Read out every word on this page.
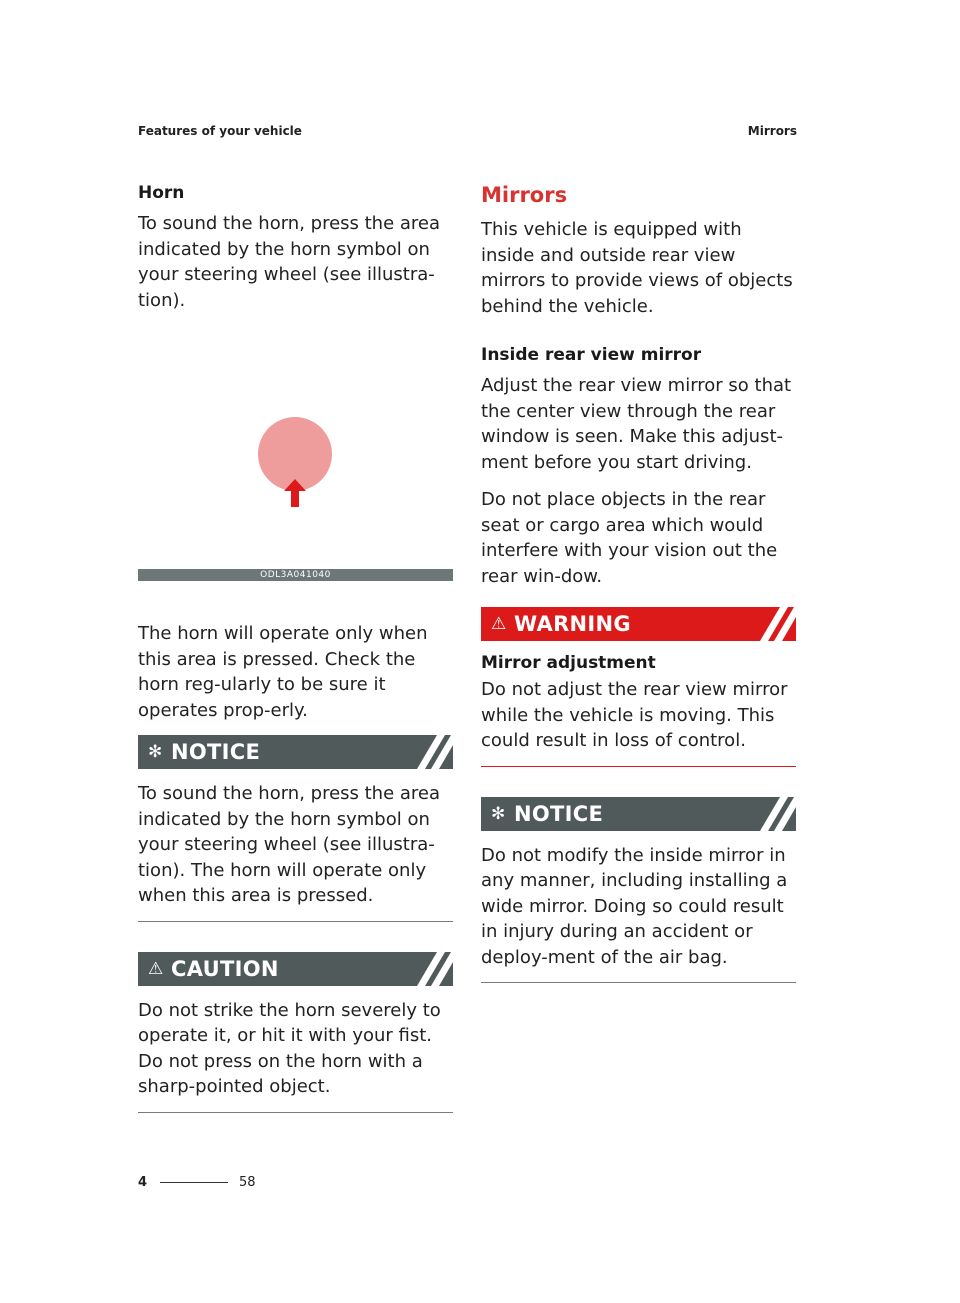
Features of your vehicle	Mirrors
Horn

To sound the horn, press the area indicated by the horn symbol on your steering wheel (see illustra-tion).

ODL3A041040

The horn will operate only when this area is pressed. Check the horn reg-ularly to be sure it operates prop-erly.

✻ NOTICE

To sound the horn, press the area indicated by the horn symbol on your steering wheel (see illustra-tion). The horn will operate only when this area is pressed.

⚠ CAUTION

Do not strike the horn severely to operate it, or hit it with your fist. Do not press on the horn with a sharp-pointed object.

Mirrors

This vehicle is equipped with inside and outside rear view mirrors to provide views of objects behind the vehicle.

Inside rear view mirror

Adjust the rear view mirror so that the center view through the rear window is seen. Make this adjust-ment before you start driving.

Do not place objects in the rear seat or cargo area which would interfere with your vision out the rear win-dow.

⚠ WARNING
Mirror adjustment

Do not adjust the rear view mirror while the vehicle is moving. This could result in loss of control.

✻ NOTICE

Do not modify the inside mirror in any manner, including installing a wide mirror. Doing so could result in injury during an accident or deploy-ment of the air bag.

4	58
